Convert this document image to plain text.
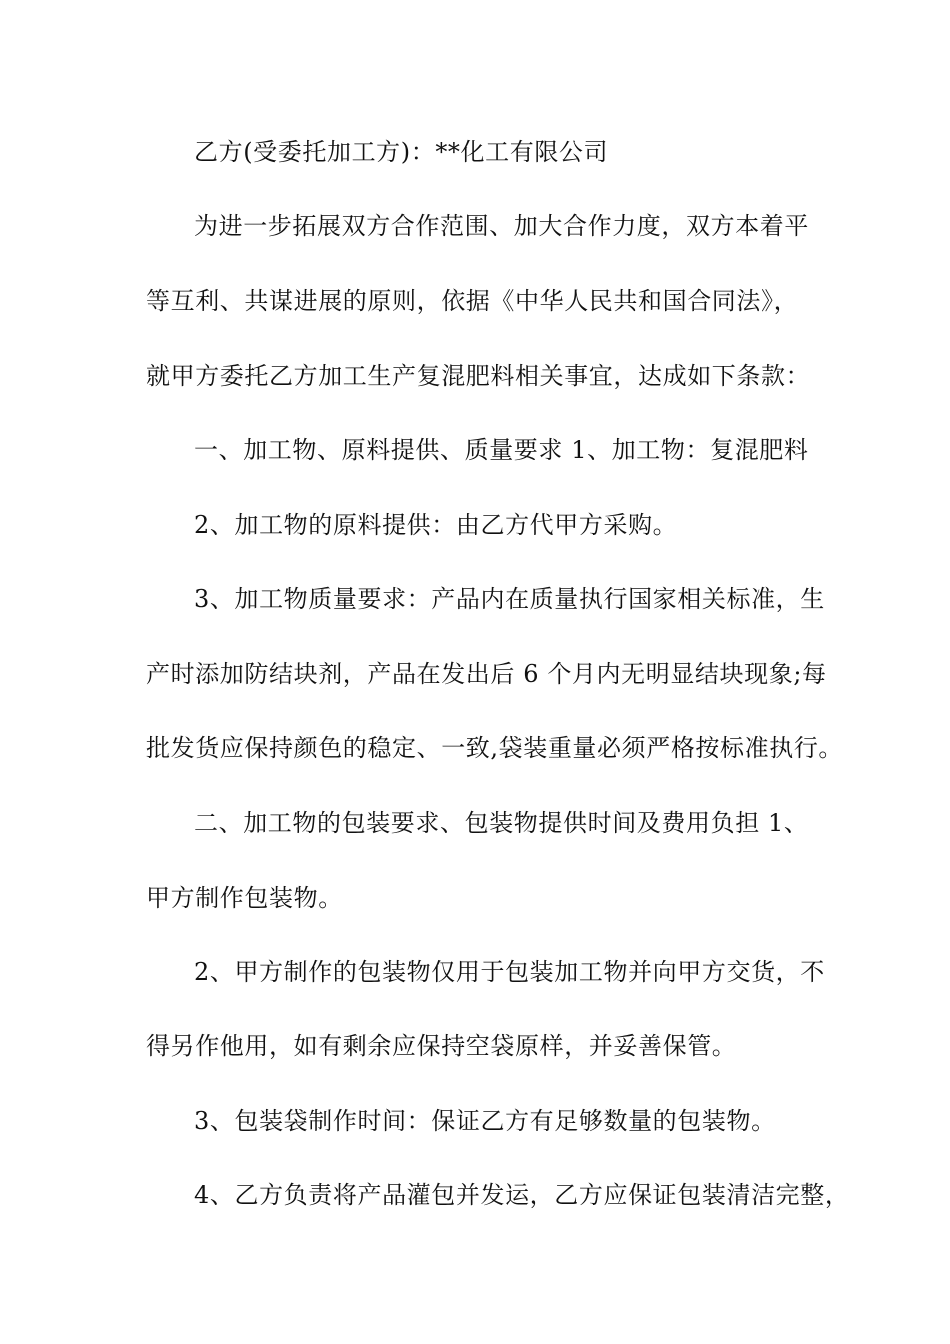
乙方(受委托加工方)：**化工有限公司
为进一步拓展双方合作范围、加大合作力度，双方本着平
等互利、共谋进展的原则，依据《中华人民共和国合同法》，
就甲方委托乙方加工生产复混肥料相关事宜，达成如下条款：
一、加工物、原料提供、质量要求 1、加工物：复混肥料
2、加工物的原料提供：由乙方代甲方采购。
3、加工物质量要求：产品内在质量执行国家相关标准，生
产时添加防结块剂，产品在发出后 6 个月内无明显结块现象;每
批发货应保持颜色的稳定、一致,袋装重量必须严格按标准执行。
二、加工物的包装要求、包装物提供时间及费用负担 1、
甲方制作包装物。
2、甲方制作的包装物仅用于包装加工物并向甲方交货，不
得另作他用，如有剩余应保持空袋原样，并妥善保管。
3、包装袋制作时间：保证乙方有足够数量的包装物。
4、乙方负责将产品灌包并发运，乙方应保证包装清洁完整，
